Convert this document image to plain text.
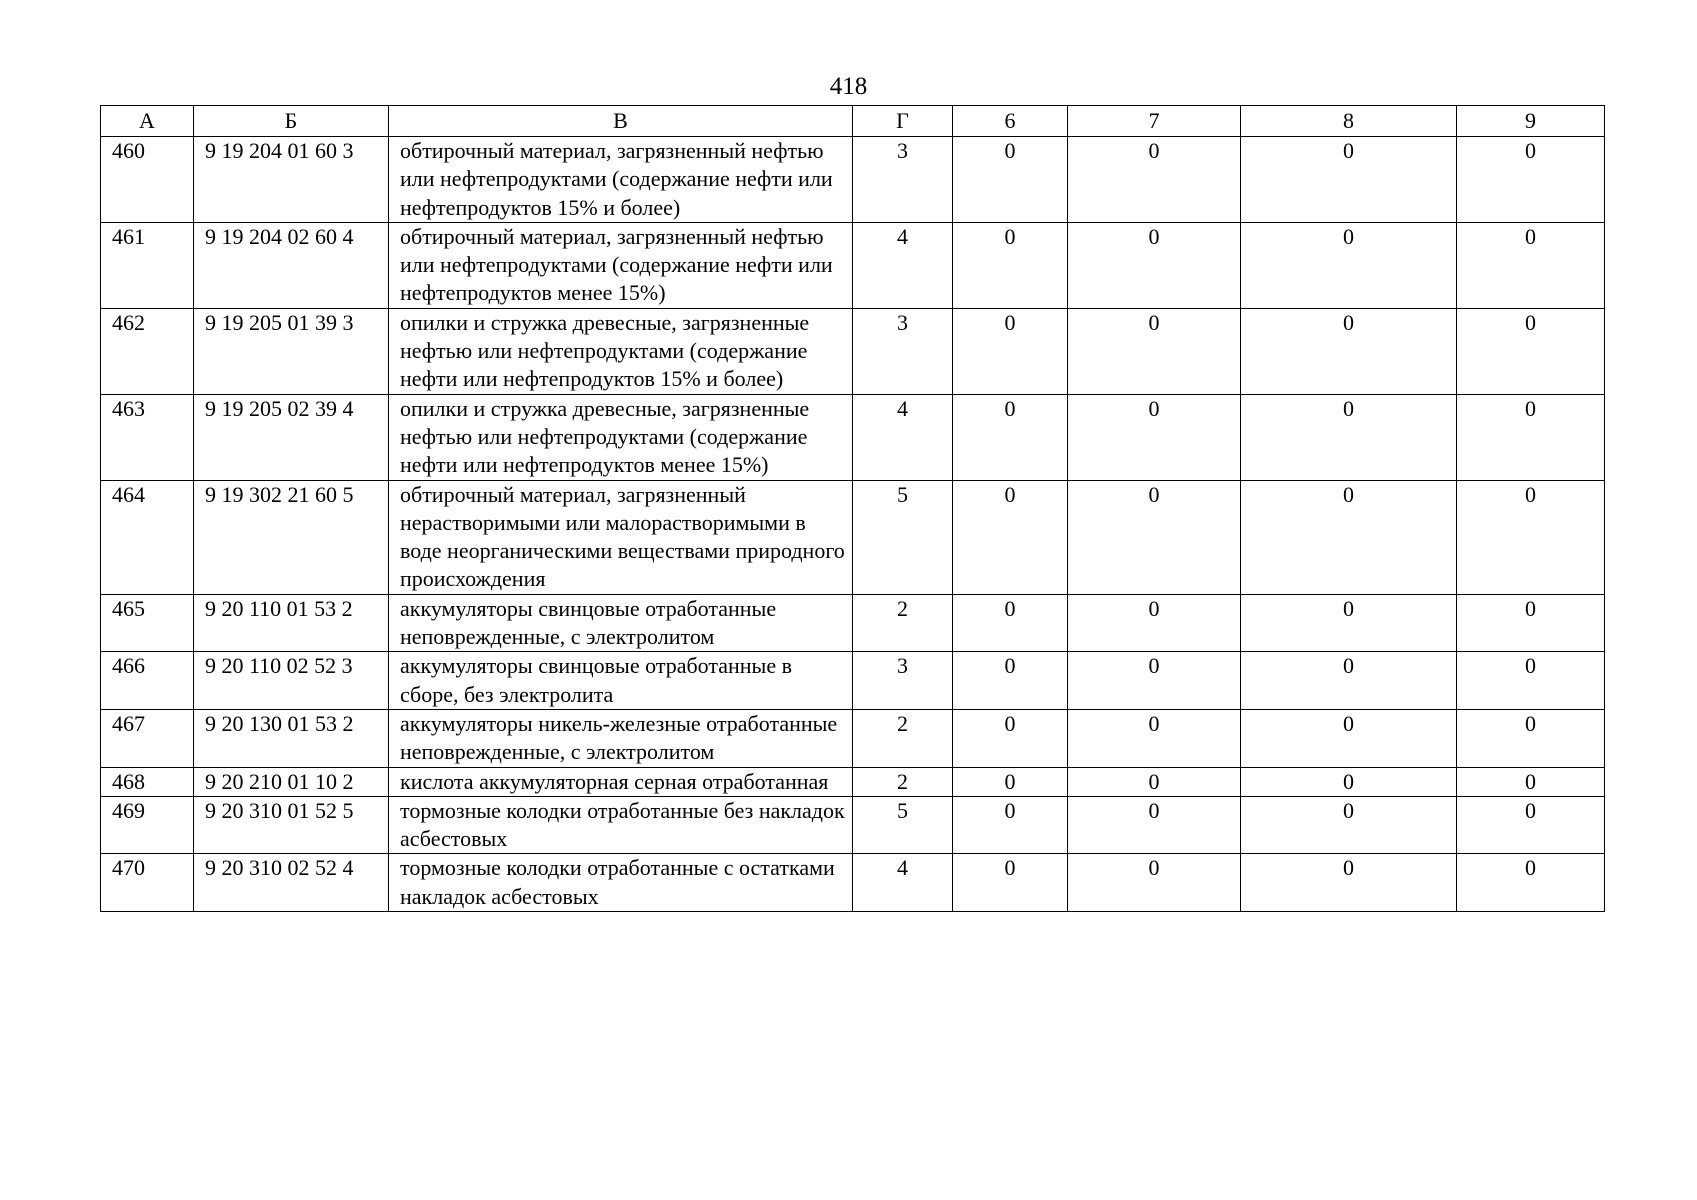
418
А	Б	В	Г	6	7	8	9
460	9 19 204 01 60 3	обтирочный материал, загрязненный нефтью или нефтепродуктами (содержание нефти или нефтепродуктов 15% и более)	3	0	0	0	0
461	9 19 204 02 60 4	обтирочный материал, загрязненный нефтью или нефтепродуктами (содержание нефти или нефтепродуктов менее 15%)	4	0	0	0	0
462	9 19 205 01 39 3	опилки и стружка древесные, загрязненные нефтью или нефтепродуктами (содержание нефти или нефтепродуктов 15% и более)	3	0	0	0	0
463	9 19 205 02 39 4	опилки и стружка древесные, загрязненные нефтью или нефтепродуктами (содержание нефти или нефтепродуктов менее 15%)	4	0	0	0	0
464	9 19 302 21 60 5	обтирочный материал, загрязненный нерастворимыми или малорастворимыми в воде неорганическими веществами природного происхождения	5	0	0	0	0
465	9 20 110 01 53 2	аккумуляторы свинцовые отработанные неповрежденные, с электролитом	2	0	0	0	0
466	9 20 110 02 52 3	аккумуляторы свинцовые отработанные в сборе, без электролита	3	0	0	0	0
467	9 20 130 01 53 2	аккумуляторы никель-железные отработанные неповрежденные, с электролитом	2	0	0	0	0
468	9 20 210 01 10 2	кислота аккумуляторная серная отработанная	2	0	0	0	0
469	9 20 310 01 52 5	тормозные колодки отработанные без накладок асбестовых	5	0	0	0	0
470	9 20 310 02 52 4	тормозные колодки отработанные с остатками накладок асбестовых	4	0	0	0	0
